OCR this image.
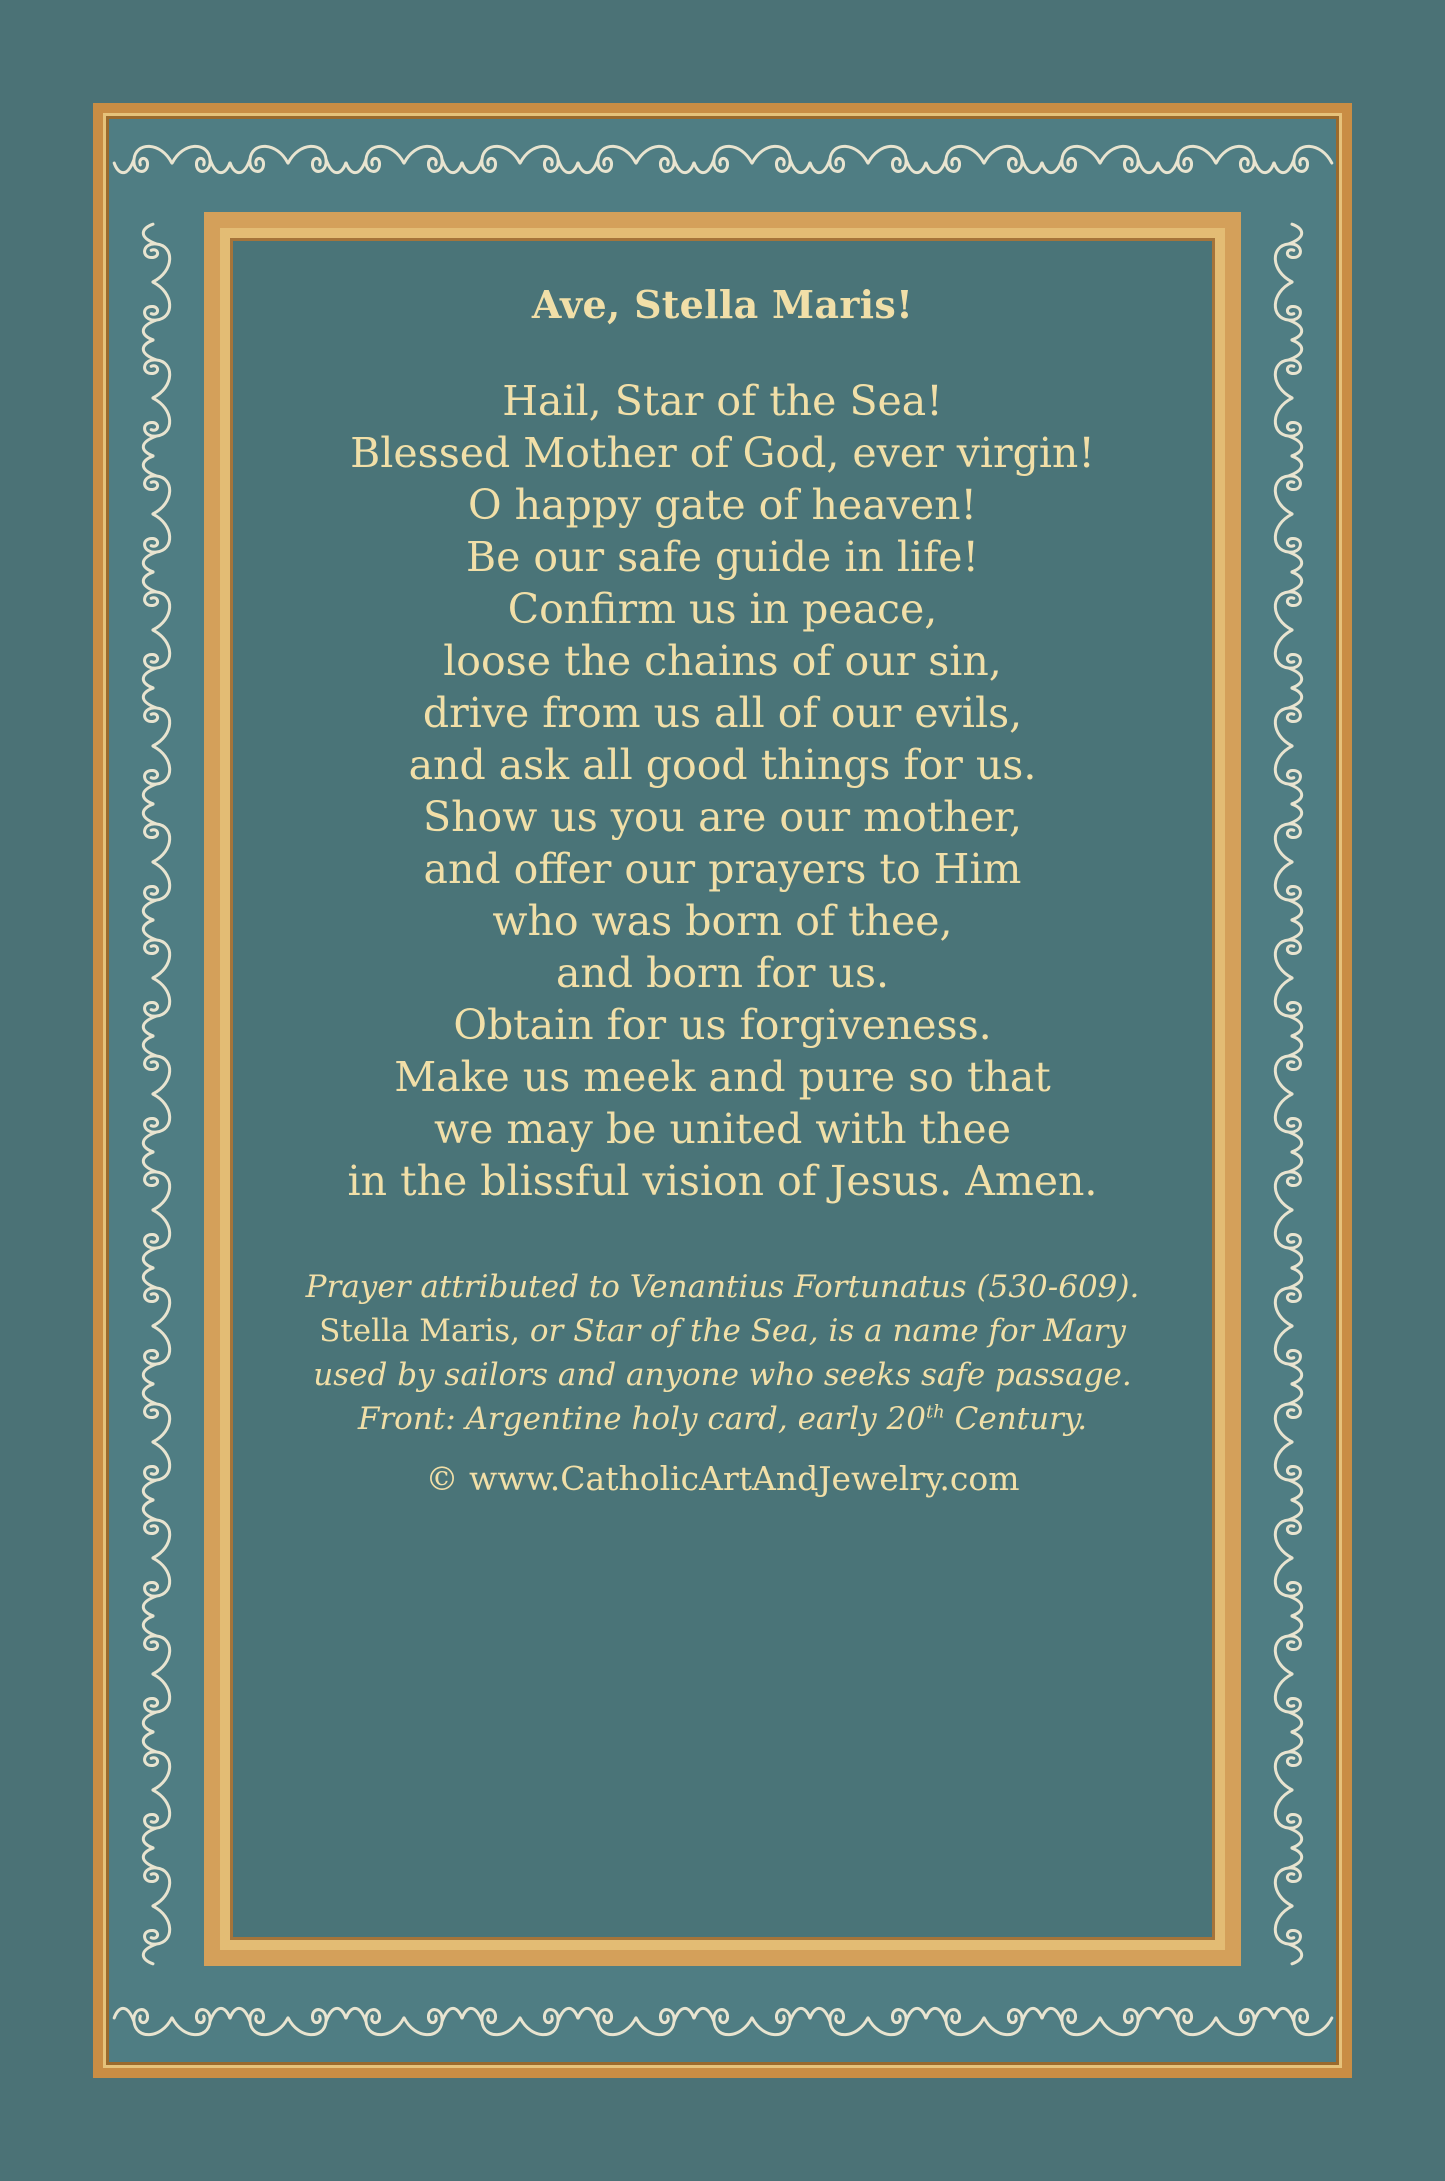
Ave, Stella Maris!
Hail, Star of the Sea!
Blessed Mother of God, ever virgin!
O happy gate of heaven!
Be our safe guide in life!
Confirm us in peace,
loose the chains of our sin,
drive from us all of our evils,
and ask all good things for us.
Show us you are our mother,
and offer our prayers to Him
who was born of thee,
and born for us.
Obtain for us forgiveness.
Make us meek and pure so that
we may be united with thee
in the blissful vision of Jesus. Amen.
Prayer attributed to Venantius Fortunatus (530-609).
Stella Maris, or Star of the Sea, is a name for Mary
used by sailors and anyone who seeks safe passage.
Front: Argentine holy card, early 20th Century.
© www.CatholicArtAndJewelry.com
